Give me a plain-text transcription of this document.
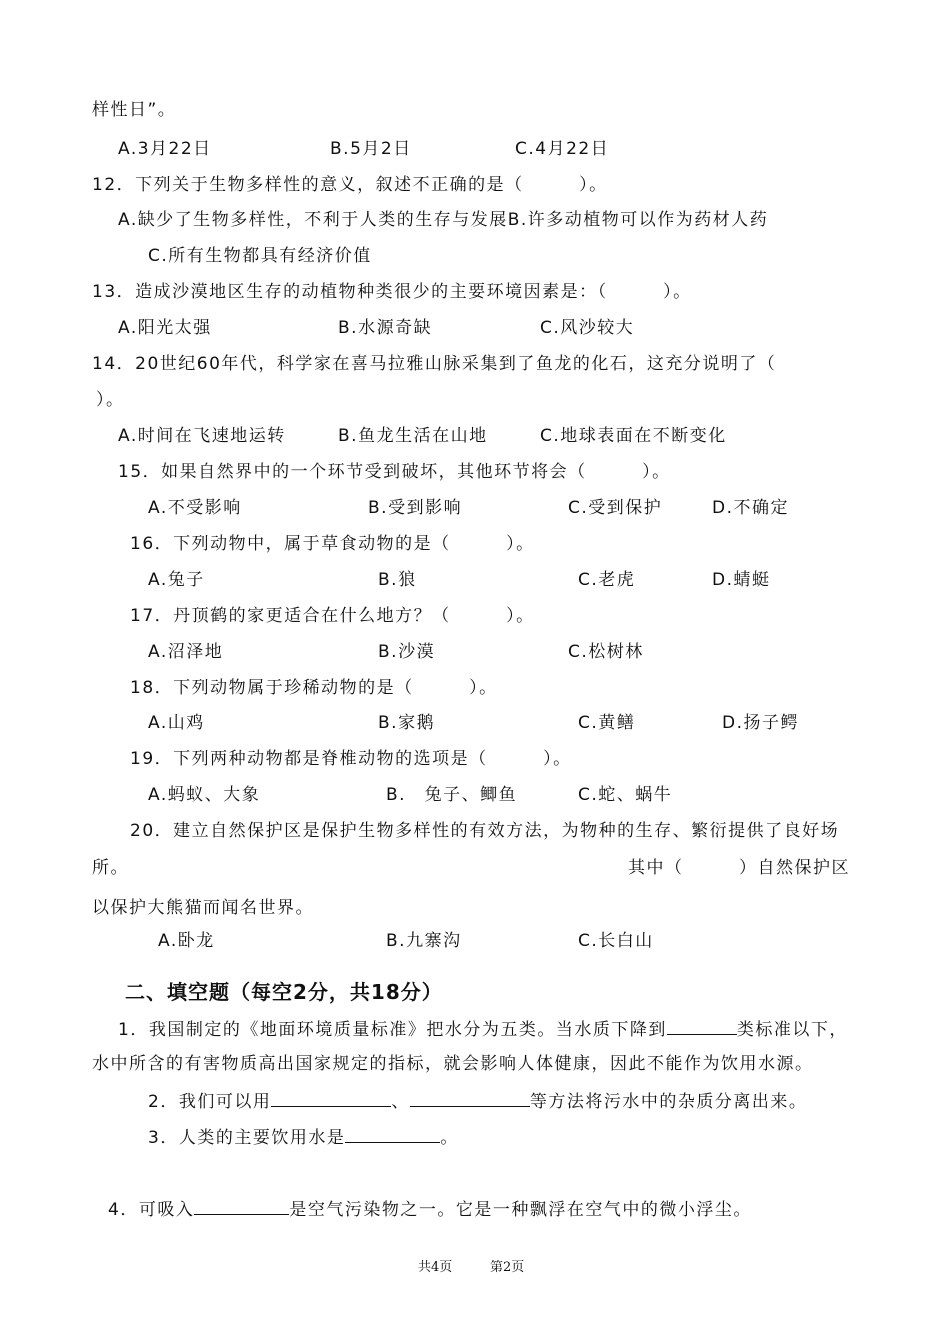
样性日”。
A.3月22日	B.5月2日	C.4月22日
12．下列关于生物多样性的意义，叙述不正确的是（　　　）。
A.缺少了生物多样性，不利于人类的生存与发展B.许多动植物可以作为药材人药
C.所有生物都具有经济价值
13．造成沙漠地区生存的动植物种类很少的主要环境因素是：（　　　）。
A.阳光太强	B.水源奇缺	C.风沙较大
14．20世纪60年代，科学家在喜马拉雅山脉采集到了鱼龙的化石，这充分说明了（
）。
A.时间在飞速地运转	B.鱼龙生活在山地	C.地球表面在不断变化
15．如果自然界中的一个环节受到破坏，其他环节将会（　　　）。
A.不受影响	B.受到影响	C.受到保护	D.不确定
16．下列动物中，属于草食动物的是（　　　）。
A.兔子	B.狼	C.老虎	D.蜻蜓
17．丹顶鹤的家更适合在什么地方？（　　　）。
A.沼泽地	B.沙漠	C.松树林
18．下列动物属于珍稀动物的是（　　　）。
A.山鸡	B.家鹅	C.黄鳝	D.扬子鳄
19．下列两种动物都是脊椎动物的选项是（　　　）。
A.蚂蚁、大象	B.　兔子、鲫鱼	C.蛇、蜗牛
20．建立自然保护区是保护生物多样性的有效方法，为物种的生存、繁衍提供了良好场
所。	其中（　　　）自然保护区
以保护大熊猫而闻名世界。
A.卧龙	B.九寨沟	C.长白山
二、填空题（每空2分，共18分）
1．我国制定的《地面环境质量标准》把水分为五类。当水质下降到	类标准以下，
水中所含的有害物质高出国家规定的指标，就会影响人体健康，因此不能作为饮用水源。
2．我们可以用	、	等方法将污水中的杂质分离出来。
3．人类的主要饮用水是	。
4．可吸入	是空气污染物之一。它是一种飘浮在空气中的微小浮尘。
共4页	第2页
